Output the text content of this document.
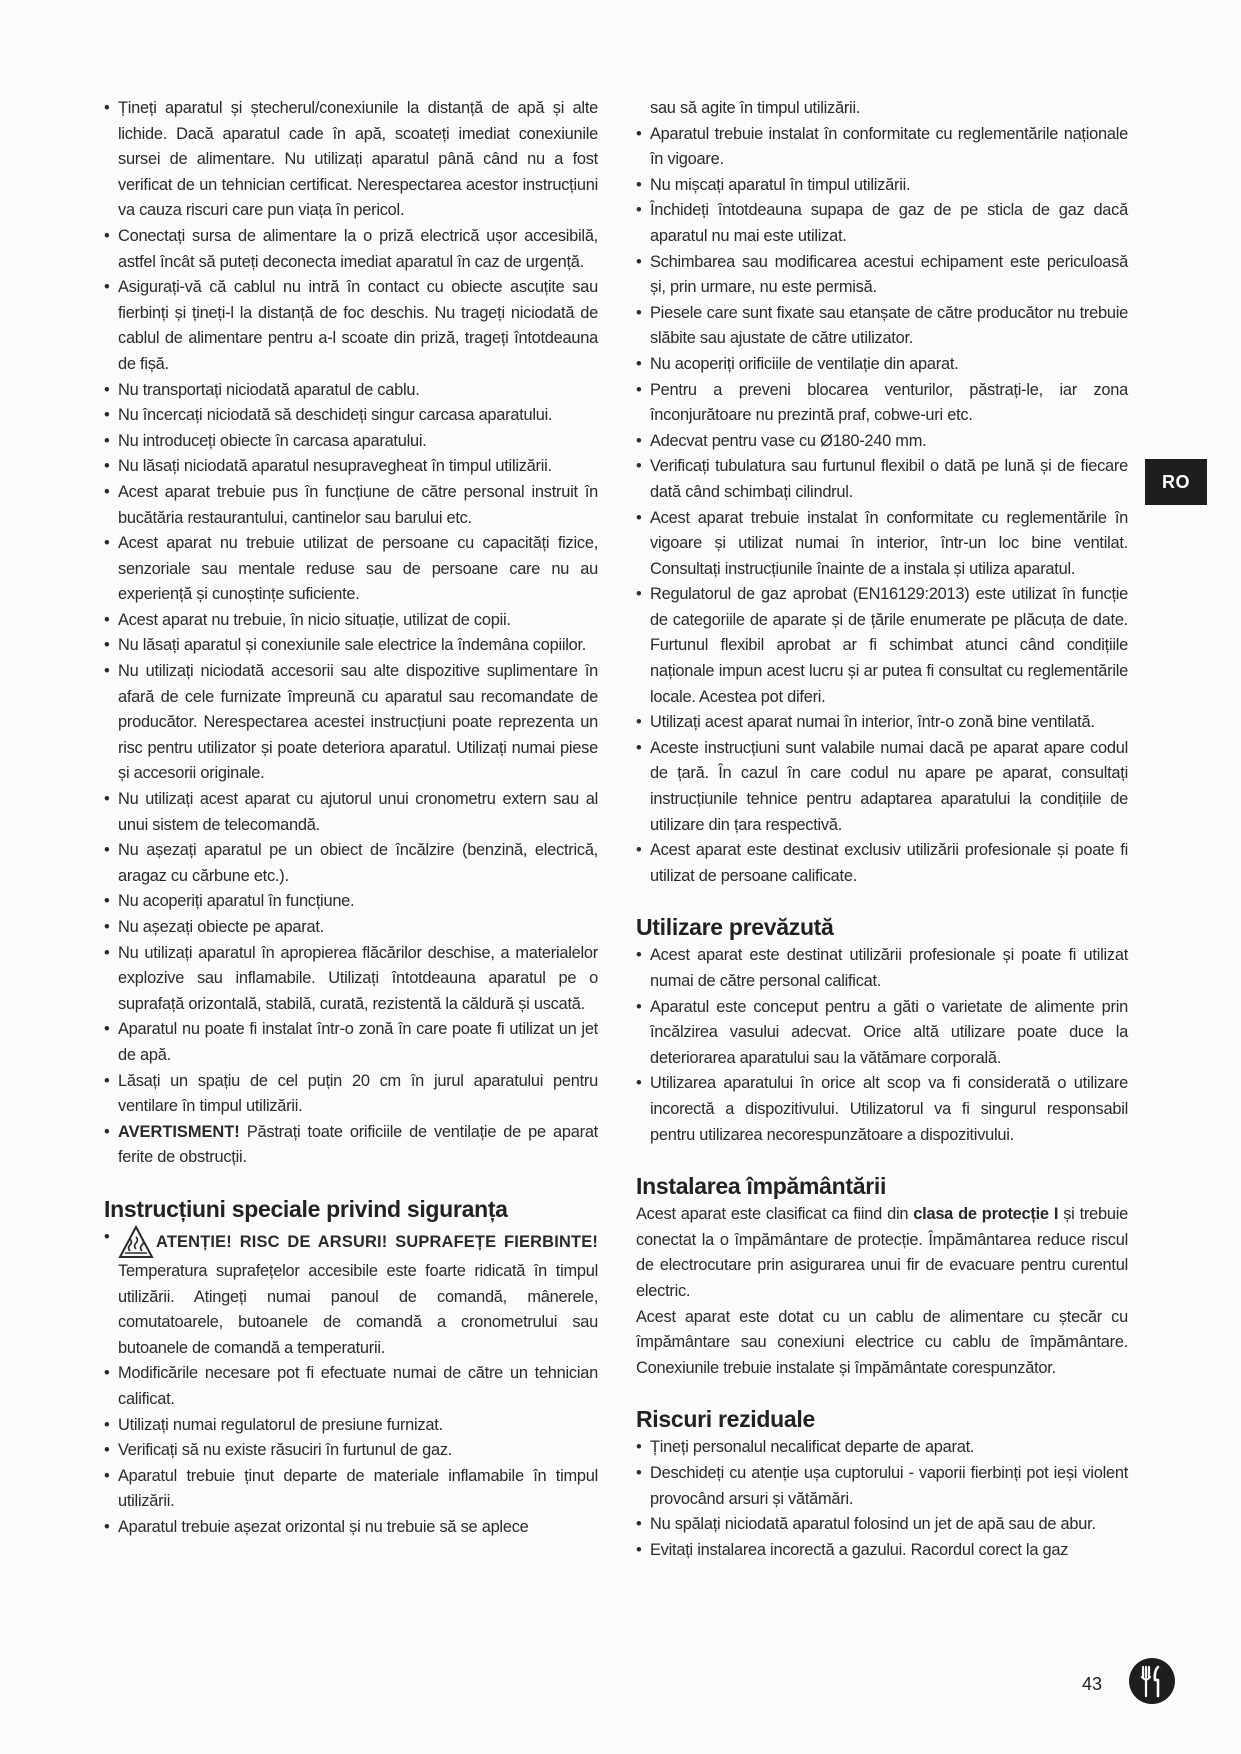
• Țineți aparatul și ștecherul/conexiunile la distanță de apă și alte lichide. Dacă aparatul cade în apă, scoateți imediat conexiunile sursei de alimentare. Nu utilizați aparatul până când nu a fost verificat de un tehnician certificat. Nerespectarea acestor instrucțiuni va cauza riscuri care pun viața în pericol.
• Conectați sursa de alimentare la o priză electrică ușor accesibilă, astfel încât să puteți deconecta imediat aparatul în caz de urgență.
• Asigurați-vă că cablul nu intră în contact cu obiecte ascuțite sau fierbinți și țineți-l la distanță de foc deschis. Nu trageți niciodată de cablul de alimentare pentru a-l scoate din priză, trageți întotdeauna de fișă.
• Nu transportați niciodată aparatul de cablu.
• Nu încercați niciodată să deschideți singur carcasa aparatului.
• Nu introduceți obiecte în carcasa aparatului.
• Nu lăsați niciodată aparatul nesupravegheat în timpul utilizării.
• Acest aparat trebuie pus în funcțiune de către personal instruit în bucătăria restaurantului, cantinelor sau barului etc.
• Acest aparat nu trebuie utilizat de persoane cu capacități fizice, senzoriale sau mentale reduse sau de persoane care nu au experiență și cunoștințe suficiente.
• Acest aparat nu trebuie, în nicio situație, utilizat de copii.
• Nu lăsați aparatul și conexiunile sale electrice la îndemâna copiilor.
• Nu utilizați niciodată accesorii sau alte dispozitive suplimentare în afară de cele furnizate împreună cu aparatul sau recomandate de producător. Nerespectarea acestei instrucțiuni poate reprezenta un risc pentru utilizator și poate deteriora aparatul. Utilizați numai piese și accesorii originale.
• Nu utilizați acest aparat cu ajutorul unui cronometru extern sau al unui sistem de telecomandă.
• Nu așezați aparatul pe un obiect de încălzire (benzină, electrică, aragaz cu cărbune etc.).
• Nu acoperiți aparatul în funcțiune.
• Nu așezați obiecte pe aparat.
• Nu utilizați aparatul în apropierea flăcărilor deschise, a materialelor explozive sau inflamabile. Utilizați întotdeauna aparatul pe o suprafață orizontală, stabilă, curată, rezistentă la căldură și uscată.
• Aparatul nu poate fi instalat într-o zonă în care poate fi utilizat un jet de apă.
• Lăsați un spațiu de cel puțin 20 cm în jurul aparatului pentru ventilare în timpul utilizării.
• AVERTISMENT! Păstrați toate orificiile de ventilație de pe aparat ferite de obstrucții.
Instrucțiuni speciale privind siguranța
• ATENȚIE! RISC DE ARSURI! SUPRAFEȚE FIERBINTE! Temperatura suprafețelor accesibile este foarte ridicată în timpul utilizării. Atingeți numai panoul de comandă, mânerele, comutatoarele, butoanele de comandă a cronometrului sau butoanele de comandă a temperaturii.
• Modificările necesare pot fi efectuate numai de către un tehnician calificat.
• Utilizați numai regulatorul de presiune furnizat.
• Verificați să nu existe răsuciri în furtunul de gaz.
• Aparatul trebuie ținut departe de materiale inflamabile în timpul utilizării.
• Aparatul trebuie așezat orizontal și nu trebuie să se aplece

sau să agite în timpul utilizării.

• Aparatul trebuie instalat în conformitate cu reglementările naționale în vigoare.
• Nu mișcați aparatul în timpul utilizării.
• Închideți întotdeauna supapa de gaz de pe sticla de gaz dacă aparatul nu mai este utilizat.
• Schimbarea sau modificarea acestui echipament este periculoasă și, prin urmare, nu este permisă.
• Piesele care sunt fixate sau etanșate de către producător nu trebuie slăbite sau ajustate de către utilizator.
• Nu acoperiți orificiile de ventilație din aparat.
• Pentru a preveni blocarea venturilor, păstrați-le, iar zona înconjurătoare nu prezintă praf, cobwe-uri etc.
• Adecvat pentru vase cu Ø180-240 mm.
• Verificați tubulatura sau furtunul flexibil o dată pe lună și de fiecare dată când schimbați cilindrul.
• Acest aparat trebuie instalat în conformitate cu reglementările în vigoare și utilizat numai în interior, într-un loc bine ventilat. Consultați instrucțiunile înainte de a instala și utiliza aparatul.
• Regulatorul de gaz aprobat (EN16129:2013) este utilizat în funcție de categoriile de aparate și de țările enumerate pe plăcuța de date. Furtunul flexibil aprobat ar fi schimbat atunci când condițiile naționale impun acest lucru și ar putea fi consultat cu reglementările locale. Acestea pot diferi.
• Utilizați acest aparat numai în interior, într-o zonă bine ventilată.
• Aceste instrucțiuni sunt valabile numai dacă pe aparat apare codul de țară. În cazul în care codul nu apare pe aparat, consultați instrucțiunile tehnice pentru adaptarea aparatului la condițiile de utilizare din țara respectivă.
• Acest aparat este destinat exclusiv utilizării profesionale și poate fi utilizat de persoane calificate.
Utilizare prevăzută
• Acest aparat este destinat utilizării profesionale și poate fi utilizat numai de către personal calificat.
• Aparatul este conceput pentru a găti o varietate de alimente prin încălzirea vasului adecvat. Orice altă utilizare poate duce la deteriorarea aparatului sau la vătămare corporală.
• Utilizarea aparatului în orice alt scop va fi considerată o utilizare incorectă a dispozitivului. Utilizatorul va fi singurul responsabil pentru utilizarea necorespunzătoare a dispozitivului.
Instalarea împământării

Acest aparat este clasificat ca fiind din clasa de protecție I și trebuie conectat la o împământare de protecție. Împământarea reduce riscul de electrocutare prin asigurarea unui fir de evacuare pentru curentul electric.

Acest aparat este dotat cu un cablu de alimentare cu ștecăr cu împământare sau conexiuni electrice cu cablu de împământare. Conexiunile trebuie instalate și împământate corespunzător.

Riscuri reziduale
• Țineți personalul necalificat departe de aparat.
• Deschideți cu atenție ușa cuptorului - vaporii fierbinți pot ieși violent provocând arsuri și vătămări.
• Nu spălați niciodată aparatul folosind un jet de apă sau de abur.
• Evitați instalarea incorectă a gazului. Racordul corect la gaz
RO
43
